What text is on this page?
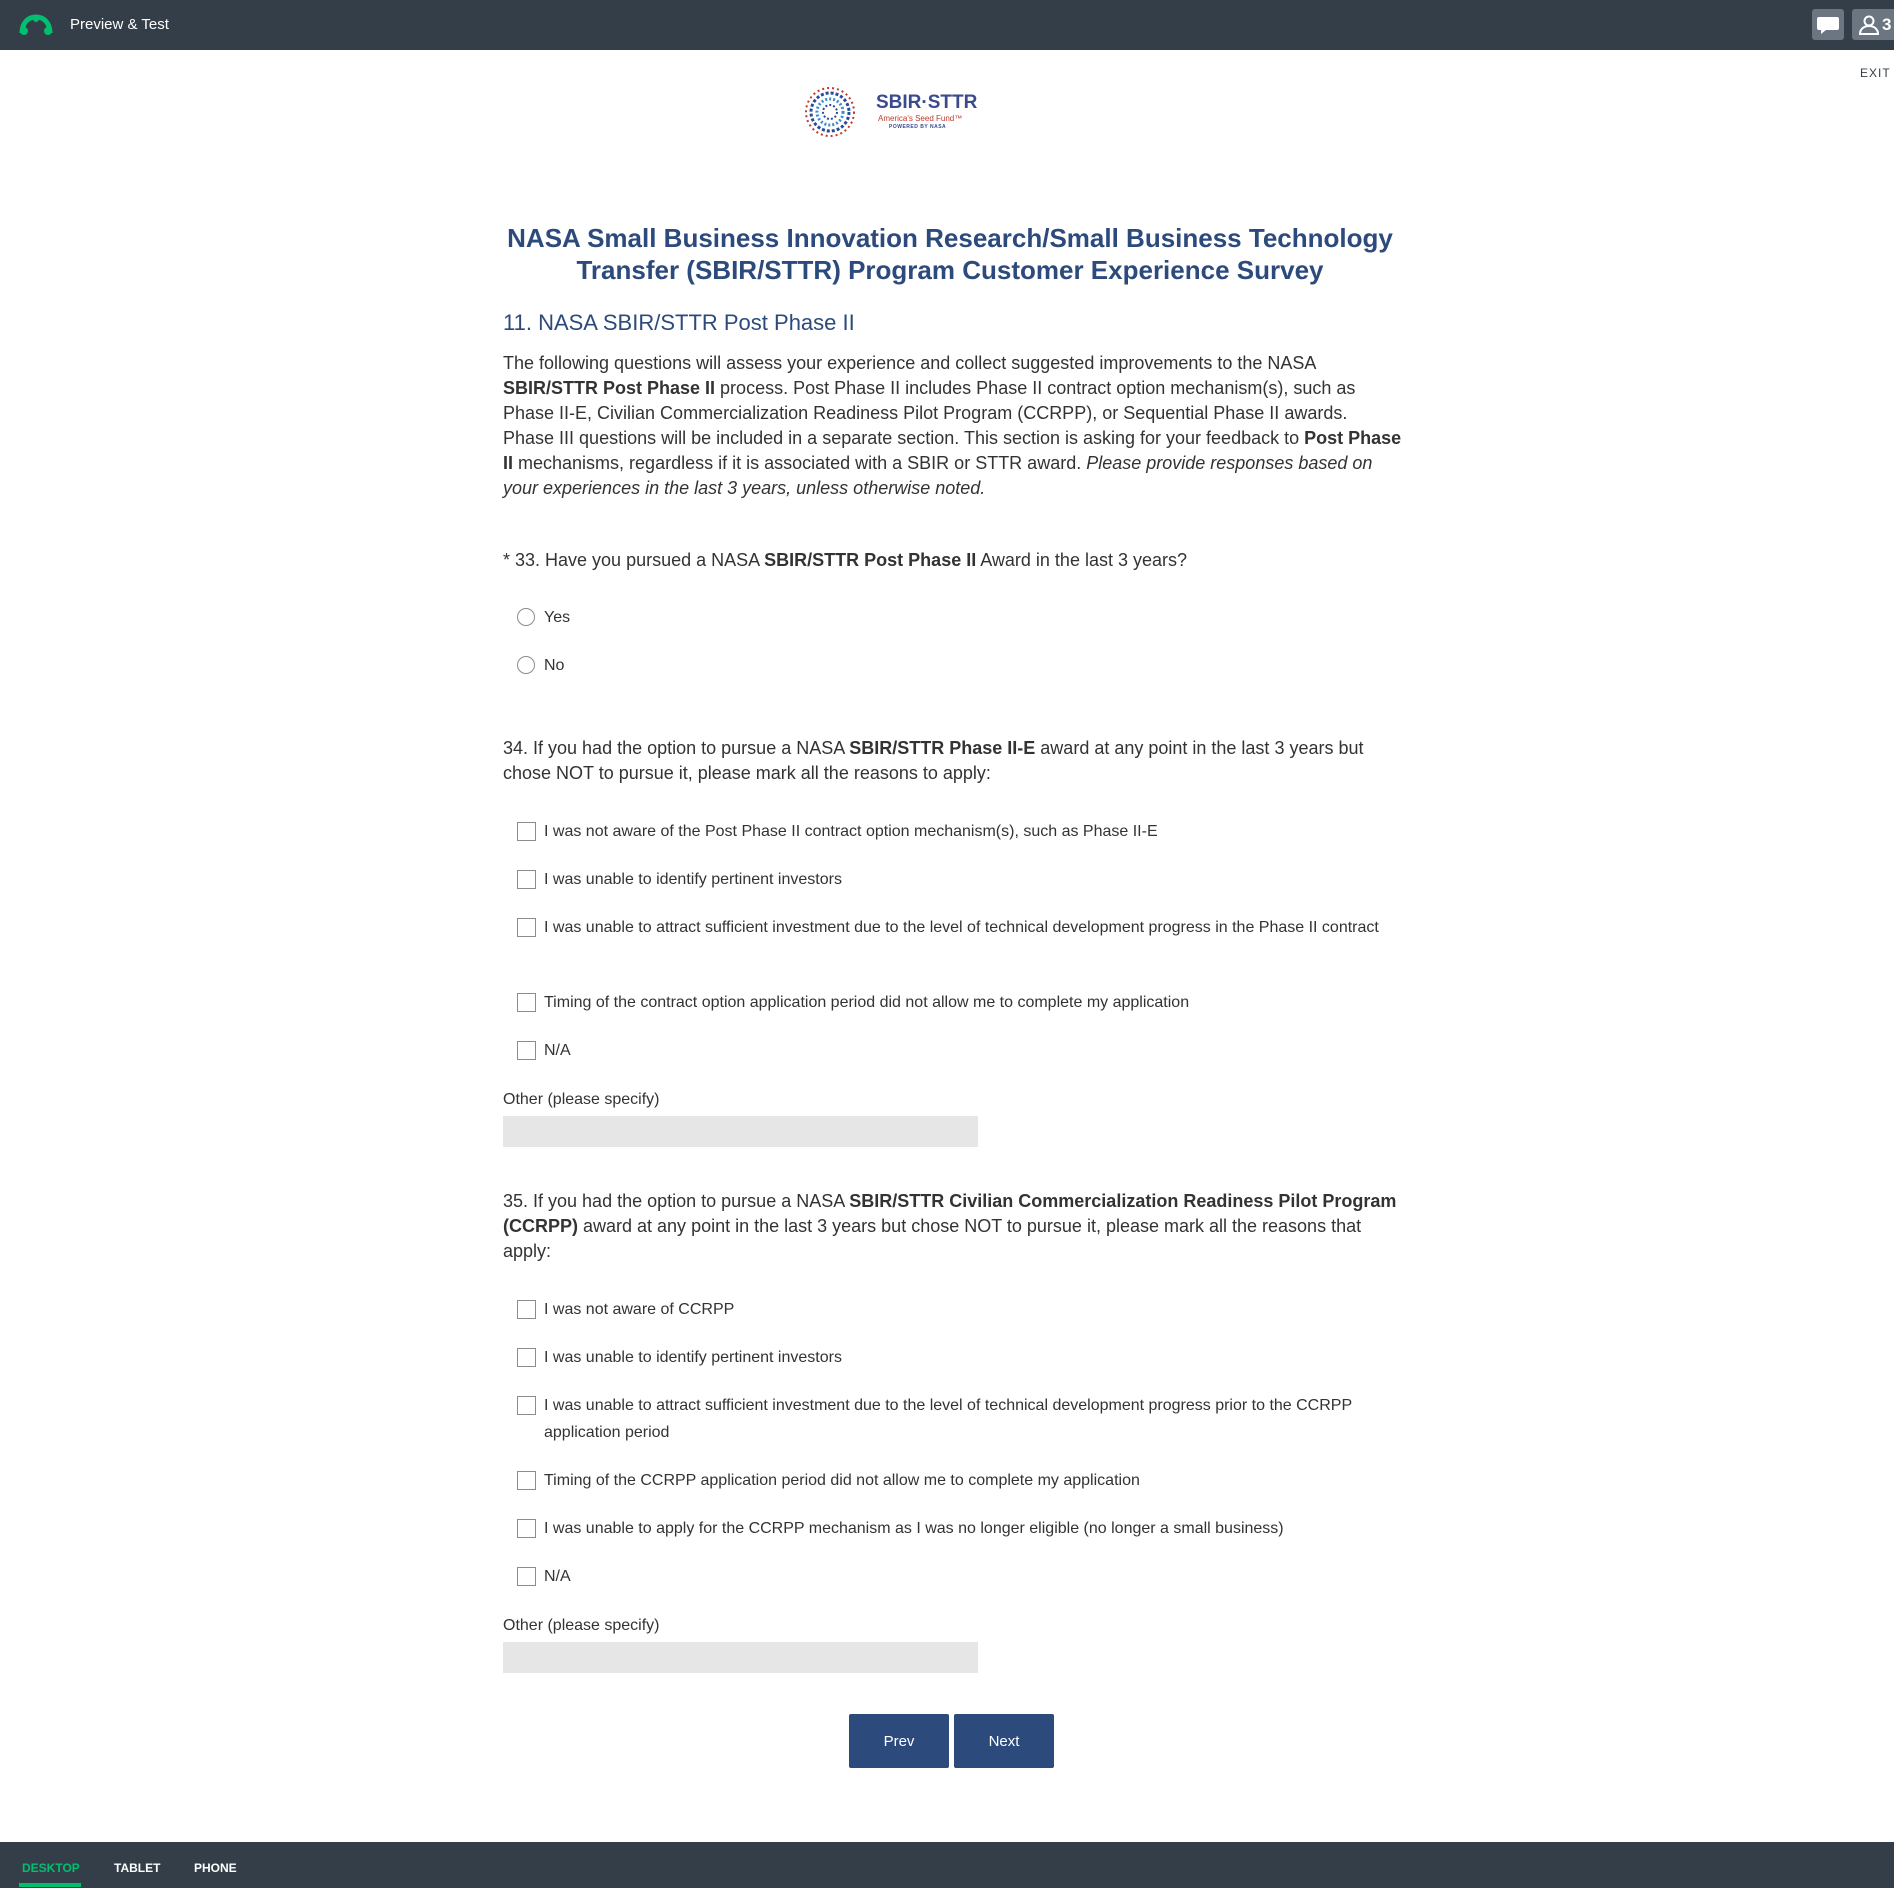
Preview & Test	3
EXIT
SBIR·STTR
America's Seed Fund™
POWERED BY NASA
NASA Small Business Innovation Research/Small Business Technology
Transfer (SBIR/STTR) Program Customer Experience Survey
11. NASA SBIR/STTR Post Phase II
The following questions will assess your experience and collect suggested improvements to the NASA SBIR/STTR Post Phase II process. Post Phase II includes Phase II contract option mechanism(s), such as Phase II-E, Civilian Commercialization Readiness Pilot Program (CCRPP), or Sequential Phase II awards. Phase III questions will be included in a separate section. This section is asking for your feedback to Post Phase II mechanisms, regardless if it is associated with a SBIR or STTR award. Please provide responses based on your experiences in the last 3 years, unless otherwise noted.
* 33. Have you pursued a NASA SBIR/STTR Post Phase II Award in the last 3 years?
Yes
No
34. If you had the option to pursue a NASA SBIR/STTR Phase II-E award at any point in the last 3 years but chose NOT to pursue it, please mark all the reasons to apply:
I was not aware of the Post Phase II contract option mechanism(s), such as Phase II-E
I was unable to identify pertinent investors
I was unable to attract sufficient investment due to the level of technical development progress in the Phase II contract
Timing of the contract option application period did not allow me to complete my application
N/A
Other (please specify)
35. If you had the option to pursue a NASA SBIR/STTR Civilian Commercialization Readiness Pilot Program (CCRPP) award at any point in the last 3 years but chose NOT to pursue it, please mark all the reasons that apply:
I was not aware of CCRPP
I was unable to identify pertinent investors
I was unable to attract sufficient investment due to the level of technical development progress prior to the CCRPP application period
Timing of the CCRPP application period did not allow me to complete my application
I was unable to apply for the CCRPP mechanism as I was no longer eligible (no longer a small business)
N/A
Other (please specify)
Prev	Next
DESKTOP	TABLET	PHONE
